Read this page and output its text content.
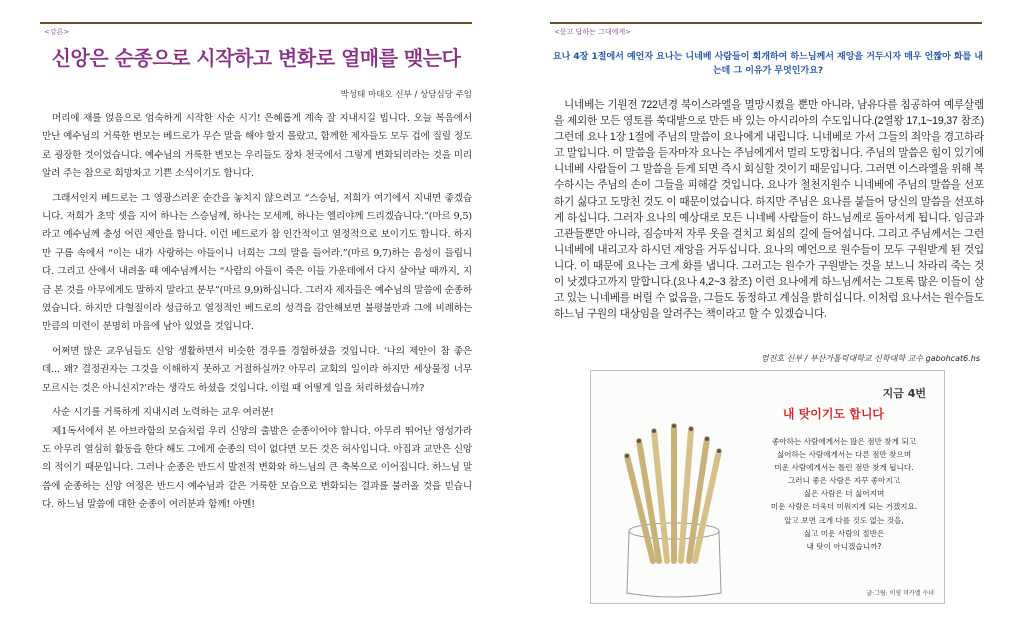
<강론>
신앙은 순종으로 시작하고 변화로 열매를 맺는다
박성태 마태오 신부 / 상담심당 주임

머리에 재를 얹음으로 엄숙하게 시작한 사순 시기! 은혜롭게 계속 잘 지내시길 빕니다. 오늘 복음에서 만난 예수님의 거룩한 변모는 베드로가 무슨 말을 해야 할지 몰랐고, 함께한 제자들도 모두 겁에 질릴 정도로 굉장한 것이었습니다. 예수님의 거룩한 변모는 우리들도 장차 천국에서 그렇게 변화되리라는 것을 미리 알려 주는 참으로 희망차고 기쁜 소식이기도 합니다.

그래서인지 베드로는 그 영광스러운 순간을 놓치지 않으려고 “스승님, 저희가 여기에서 지내면 좋겠습니다. 저희가 초막 셋을 지어 하나는 스승님께, 하나는 모세께, 하나는 엘리야께 드리겠습니다.”(마르 9,5)라고 예수님께 충성 어린 제안을 합니다. 이런 베드로가 참 인간적이고 열정적으로 보이기도 합니다. 하지만 구름 속에서 “이는 내가 사랑하는 아들이니 너희는 그의 말을 들어라.”(마르 9,7)하는 음성이 들립니다. 그리고 산에서 내려올 때 예수님께서는 “사람의 아들이 죽은 이들 가운데에서 다시 살아날 때까지, 지금 본 것을 아무에게도 말하지 말라고 분부”(마르 9,9)하십니다. 그러자 제자들은 예수님의 말씀에 순종하였습니다. 하지만 다혈질이라 성급하고 열정적인 베드로의 성격을 감안해보면 불평불만과 그에 비례하는 만큼의 미련이 분명히 마음에 남아 있었을 것입니다.

어쩌면 많은 교우님들도 신앙 생활하면서 비슷한 경우를 경험하셨을 것입니다. ‘나의 제안이 참 좋은데... 왜? 결정권자는 그것을 이해하지 못하고 거절하실까? 아무리 교회의 일이라 하지만 세상물정 너무 모르시는 것은 아니신지?’라는 생각도 하셨을 것입니다. 이럴 때 어떻게 일을 처리하셨습니까?

사순 시기를 거룩하게 지내시려 노력하는 교우 여러분!

제1독서에서 본 아브라함의 모습처럼 우리 신앙의 출발은 순종이어야 합니다. 아무리 뛰어난 영성가라도 아무리 열심히 활동을 한다 해도 그에게 순종의 덕이 없다면 모든 것은 허사입니다. 아집과 교만은 신앙의 적이기 때문입니다. 그러나 순종은 반드시 발전적 변화와 하느님의 큰 축복으로 이어집니다. 하느님 말씀에 순종하는 신앙 여정은 반드시 예수님과 같은 거룩한 모습으로 변화되는 결과를 불러올 것을 믿습니다. 하느님 말씀에 대한 순종이 여러분과 함께! 아멘!

<묻고 답하는 그대에게>
요나 4장 1절에서 예언자 요나는 니네베 사람들이 회개하여 하느님께서 재앙을 거두시자 매우 언짢아 화를 내는데 그 이유가 무엇인가요?

니네베는 기원전 722년경 북이스라엘을 멸망시켰을 뿐만 아니라, 남유다를 침공하여 예루살렘을 제외한 모든 영토를 쑥대밭으로 만든 바 있는 아시리아의 수도입니다.(2열왕 17,1~19,37 참조) 그런데 요나 1장 1절에 주님의 말씀이 요나에게 내립니다. 니네베로 가서 그들의 죄악을 경고하라고 말입니다. 이 말씀을 듣자마자 요나는 주님에게서 멀리 도망칩니다. 주님의 말씀은 힘이 있기에 니네베 사람들이 그 말씀을 듣게 되면 즉시 회심할 것이기 때문입니다. 그러면 이스라엘을 위해 복수하시는 주님의 손이 그들을 피해갈 것입니다. 요나가 철천지원수 니네베에 주님의 말씀을 선포하기 싫다고 도망친 것도 이 때문이었습니다. 하지만 주님은 요나를 붙들어 당신의 말씀을 선포하게 하십니다. 그러자 요나의 예상대로 모든 니네베 사람들이 하느님께로 돌아서게 됩니다. 임금과 고관들뿐만 아니라, 짐승마저 자루 옷을 걸치고 회심의 길에 들어섭니다. 그리고 주님께서는 그런 니네베에 내리고자 하시던 재앙을 거두십니다. 요나의 예언으로 원수들이 모두 구원받게 된 것입니다. 이 때문에 요나는 크게 화를 냅니다. 그러고는 원수가 구원받는 것을 보느니 차라리 죽는 것이 낫겠다고까지 말합니다.(요나 4,2~3 참조) 이런 요나에게 하느님께서는 그토록 많은 이들이 살고 있는 니네베를 버릴 수 없음을, 그들도 동정하고 계심을 밝히십니다. 이처럼 요나서는 원수들도 하느님 구원의 대상임을 알려주는 책이라고 할 수 있겠습니다.

엄진호 신부 / 부산가톨릭대학교 신학대학 교수 gabohcat6.hs
지금 4번
내 탓이기도 합니다
좋아하는 사람에게서는 많은 점만 찾게 되고
싫어하는 사람에게서는 다른 점만 찾으며
미운 사람에게서는 틀린 점만 찾게 됩니다.
그러니 좋은 사람은 자꾸 좋아지고
싫은 사람은 더 싫어지며
미운 사람은 더욱더 미워지게 되는 거겠지요.
알고 보면 크게 다를 것도 없는 것을,
싫고 미운 사람의 절반은
내 탓이 아니겠습니까?
글·그림: 이영 미카엘 수녀
